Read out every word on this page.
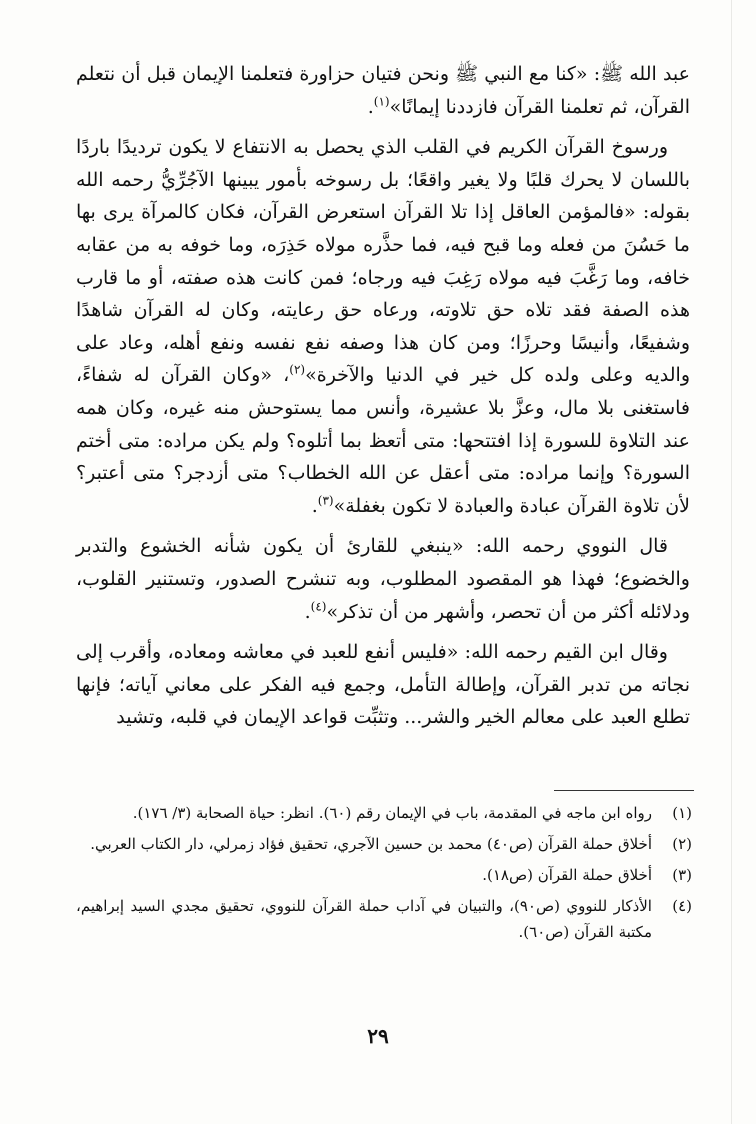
عبد الله ﷺ: «كنا مع النبي ﷺ ونحن فتيان حزاورة فتعلمنا الإيمان قبل أن نتعلم القرآن، ثم تعلمنا القرآن فازددنا إيمانًا»$^{(١)}$.

ورسوخ القرآن الكريم في القلب الذي يحصل به الانتفاع لا يكون ترديدًا باردًا باللسان لا يحرك قلبًا ولا يغير واقعًا؛ بل رسوخه بأمور يبينها الآجُرِّيُّ رحمه الله بقوله: «فالمؤمن العاقل إذا تلا القرآن استعرض القرآن، فكان كالمرآة يرى بها ما حَسُنَ من فعله وما قبح فيه، فما حذَّره مولاه حَذِرَه، وما خوفه به من عقابه خافه، وما رَغَّبَ فيه مولاه رَغِبَ فيه ورجاه؛ فمن كانت هذه صفته، أو ما قارب هذه الصفة فقد تلاه حق تلاوته، ورعاه حق رعايته، وكان له القرآن شاهدًا وشفيعًا، وأنيسًا وحرزًا؛ ومن كان هذا وصفه نفع نفسه ونفع أهله، وعاد على والديه وعلى ولده كل خير في الدنيا والآخرة»$^{(٢)}$، «وكان القرآن له شفاءً، فاستغنى بلا مال، وعزَّ بلا عشيرة، وأنس مما يستوحش منه غيره، وكان همه عند التلاوة للسورة إذا افتتحها: متى أتعظ بما أتلوه؟ ولم يكن مراده: متى أختم السورة؟ وإنما مراده: متى أعقل عن الله الخطاب؟ متى أزدجر؟ متى أعتبر؟ لأن تلاوة القرآن عبادة والعبادة لا تكون بغفلة»$^{(٣)}$.

قال النووي رحمه الله: «ينبغي للقارئ أن يكون شأنه الخشوع والتدبر والخضوع؛ فهذا هو المقصود المطلوب، وبه تنشرح الصدور، وتستنير القلوب، ودلائله أكثر من أن تحصر، وأشهر من أن تذكر»$^{(٤)}$.

وقال ابن القيم رحمه الله: «فليس أنفع للعبد في معاشه ومعاده، وأقرب إلى نجاته من تدبر القرآن، وإطالة التأمل، وجمع فيه الفكر على معاني آياته؛ فإنها تطلع العبد على معالم الخير والشر... وتثبِّت قواعد الإيمان في قلبه، وتشيد

(١)
رواه ابن ماجه في المقدمة، باب في الإيمان رقم (٦٠). انظر: حياة الصحابة (٣/ ١٧٦).
(٢)
أخلاق حملة القرآن (ص٤٠) محمد بن حسين الآجري، تحقيق فؤاد زمرلي، دار الكتاب العربي.
(٣)
أخلاق حملة القرآن (ص١٨).
(٤)
الأذكار للنووي (ص٩٠)، والتبيان في آداب حملة القرآن للنووي، تحقيق مجدي السيد إبراهيم، مكتبة القرآن (ص٦٠).
٢٩
